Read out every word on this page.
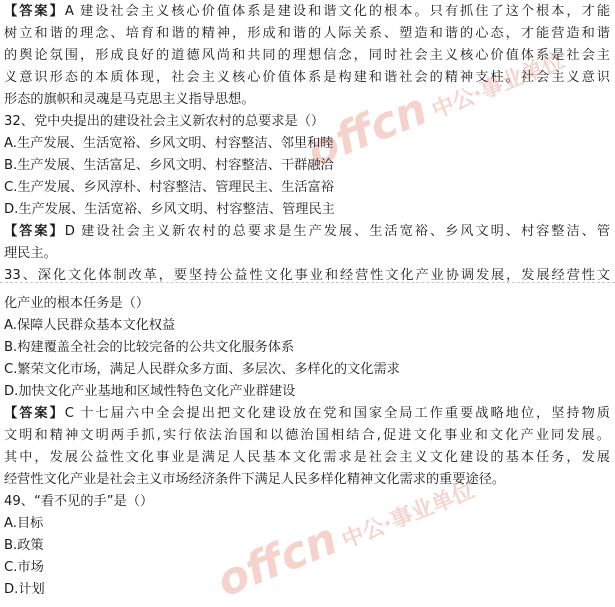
offcn中公·事业单位
offcn中公·事业单位
【答案】A 建设社会主义核心价值体系是建设和谐文化的根本。只有抓住了这个根本，才能
树立和谐的理念、培育和谐的精神，形成和谐的人际关系、塑造和谐的心态，才能营造和谐
的舆论氛围，形成良好的道德风尚和共同的理想信念，同时社会主义核心价值体系是社会主
义意识形态的本质体现，社会主义核心价值体系是构建和谐社会的精神支柱。社会主义意识
形态的旗帜和灵魂是马克思主义指导思想。
32、党中央提出的建设社会主义新农村的总要求是（）
A.生产发展、生活宽裕、乡风文明、村容整洁、邻里和睦
B.生产发展、生活富足、乡风文明、村容整洁、干群融洽
C.生产发展、乡风淳朴、村容整洁、管理民主、生活富裕
D.生产发展、生活宽裕、乡风文明、村容整洁、管理民主
【答案】D 建设社会主义新农村的总要求是生产发展、生活宽裕、乡风文明、村容整洁、管
理民主。
33、深化文化体制改革，要坚持公益性文化事业和经营性文化产业协调发展，发展经营性文
化产业的根本任务是（）
A.保障人民群众基本文化权益
B.构建覆盖全社会的比较完备的公共文化服务体系
C.繁荣文化市场，满足人民群众多方面、多层次、多样化的文化需求
D.加快文化产业基地和区域性特色文化产业群建设
【答案】C 十七届六中全会提出把文化建设放在党和国家全局工作重要战略地位，坚持物质
文明和精神文明两手抓,实行依法治国和以德治国相结合,促进文化事业和文化产业同发展。
其中，发展公益性文化事业是满足人民基本文化需求是社会主义文化建设的基本任务，发展
经营性文化产业是社会主义市场经济条件下满足人民多样化精神文化需求的重要途径。
49、“看不见的手”是（）
A.目标
B.政策
C.市场
D.计划
